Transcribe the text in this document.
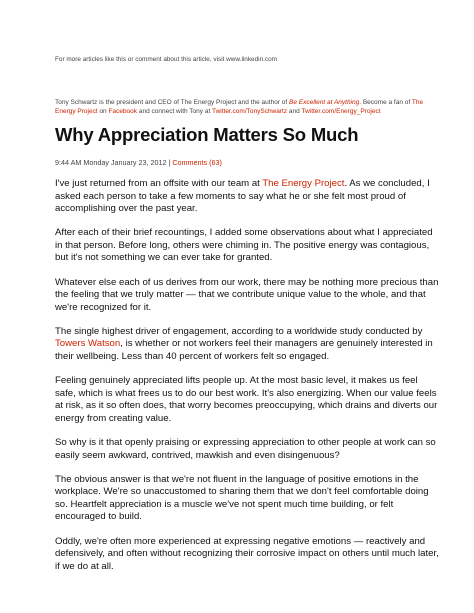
For more articles like this or comment about this article, visit www.linkedin.com
Tony Schwartz is the president and CEO of The Energy Project and the author of Be Excellent at Anything. Become a fan of The Energy Project on Facebook and connect with Tony at Twitter.com/TonySchwartz and Twitter.com/Energy_Project
Why Appreciation Matters So Much
9:44 AM Monday January 23, 2012 | Comments (63)

I've just returned from an offsite with our team at The Energy Project. As we concluded, I asked each person to take a few moments to say what he or she felt most proud of accomplishing over the past year.

After each of their brief recountings, I added some observations about what I appreciated in that person. Before long, others were chiming in. The positive energy was contagious, but it's not something we can ever take for granted.

Whatever else each of us derives from our work, there may be nothing more precious than the feeling that we truly matter — that we contribute unique value to the whole, and that we're recognized for it.

The single highest driver of engagement, according to a worldwide study conducted by Towers Watson, is whether or not workers feel their managers are genuinely interested in their wellbeing. Less than 40 percent of workers felt so engaged.

Feeling genuinely appreciated lifts people up. At the most basic level, it makes us feel safe, which is what frees us to do our best work. It's also energizing. When our value feels at risk, as it so often does, that worry becomes preoccupying, which drains and diverts our energy from creating value.

So why is it that openly praising or expressing appreciation to other people at work can so easily seem awkward, contrived, mawkish and even disingenuous?

The obvious answer is that we're not fluent in the language of positive emotions in the workplace. We're so unaccustomed to sharing them that we don't feel comfortable doing so. Heartfelt appreciation is a muscle we've not spent much time building, or felt encouraged to build.

Oddly, we're often more experienced at expressing negative emotions — reactively and defensively, and often without recognizing their corrosive impact on others until much later, if we do at all.
